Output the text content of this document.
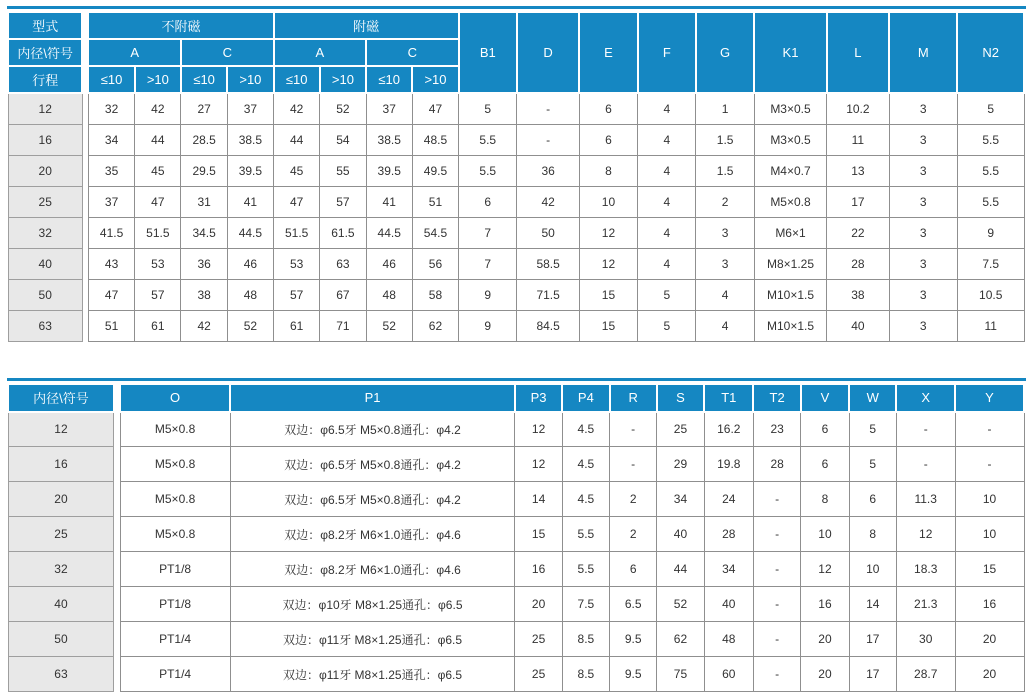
型式		不附磁				附磁				B1	D	E	F	G	K1	L	M	N2
内径\符号		A		C		A		C										
行程		≤10	>10	≤10	>10	≤10	>10	≤10	>10									
12		32	42	27	37	42	52	37	47	5	-	6	4	1	M3×0.5	10.2	3	5
16		34	44	28.5	38.5	44	54	38.5	48.5	5.5	-	6	4	1.5	M3×0.5	11	3	5.5
20		35	45	29.5	39.5	45	55	39.5	49.5	5.5	36	8	4	1.5	M4×0.7	13	3	5.5
25		37	47	31	41	47	57	41	51	6	42	10	4	2	M5×0.8	17	3	5.5
32		41.5	51.5	34.5	44.5	51.5	61.5	44.5	54.5	7	50	12	4	3	M6×1	22	3	9
40		43	53	36	46	53	63	46	56	7	58.5	12	4	3	M8×1.25	28	3	7.5
50		47	57	38	48	57	67	48	58	9	71.5	15	5	4	M10×1.5	38	3	10.5
63		51	61	42	52	61	71	52	62	9	84.5	15	5	4	M10×1.5	40	3	11
内径\符号		O	P1	P3	P4	R	S	T1	T2	V	W	X	Y
12		M5×0.8	双边：φ6.5牙 M5×0.8通孔：φ4.2	12	4.5	-	25	16.2	23	6	5	-	-
16		M5×0.8	双边：φ6.5牙 M5×0.8通孔：φ4.2	12	4.5	-	29	19.8	28	6	5	-	-
20		M5×0.8	双边：φ6.5牙 M5×0.8通孔：φ4.2	14	4.5	2	34	24	-	8	6	11.3	10
25		M5×0.8	双边：φ8.2牙 M6×1.0通孔：φ4.6	15	5.5	2	40	28	-	10	8	12	10
32		PT1/8	双边：φ8.2牙 M6×1.0通孔：φ4.6	16	5.5	6	44	34	-	12	10	18.3	15
40		PT1/8	双边：φ10牙 M8×1.25通孔：φ6.5	20	7.5	6.5	52	40	-	16	14	21.3	16
50		PT1/4	双边：φ11牙 M8×1.25通孔：φ6.5	25	8.5	9.5	62	48	-	20	17	30	20
63		PT1/4	双边：φ11牙 M8×1.25通孔：φ6.5	25	8.5	9.5	75	60	-	20	17	28.7	20
